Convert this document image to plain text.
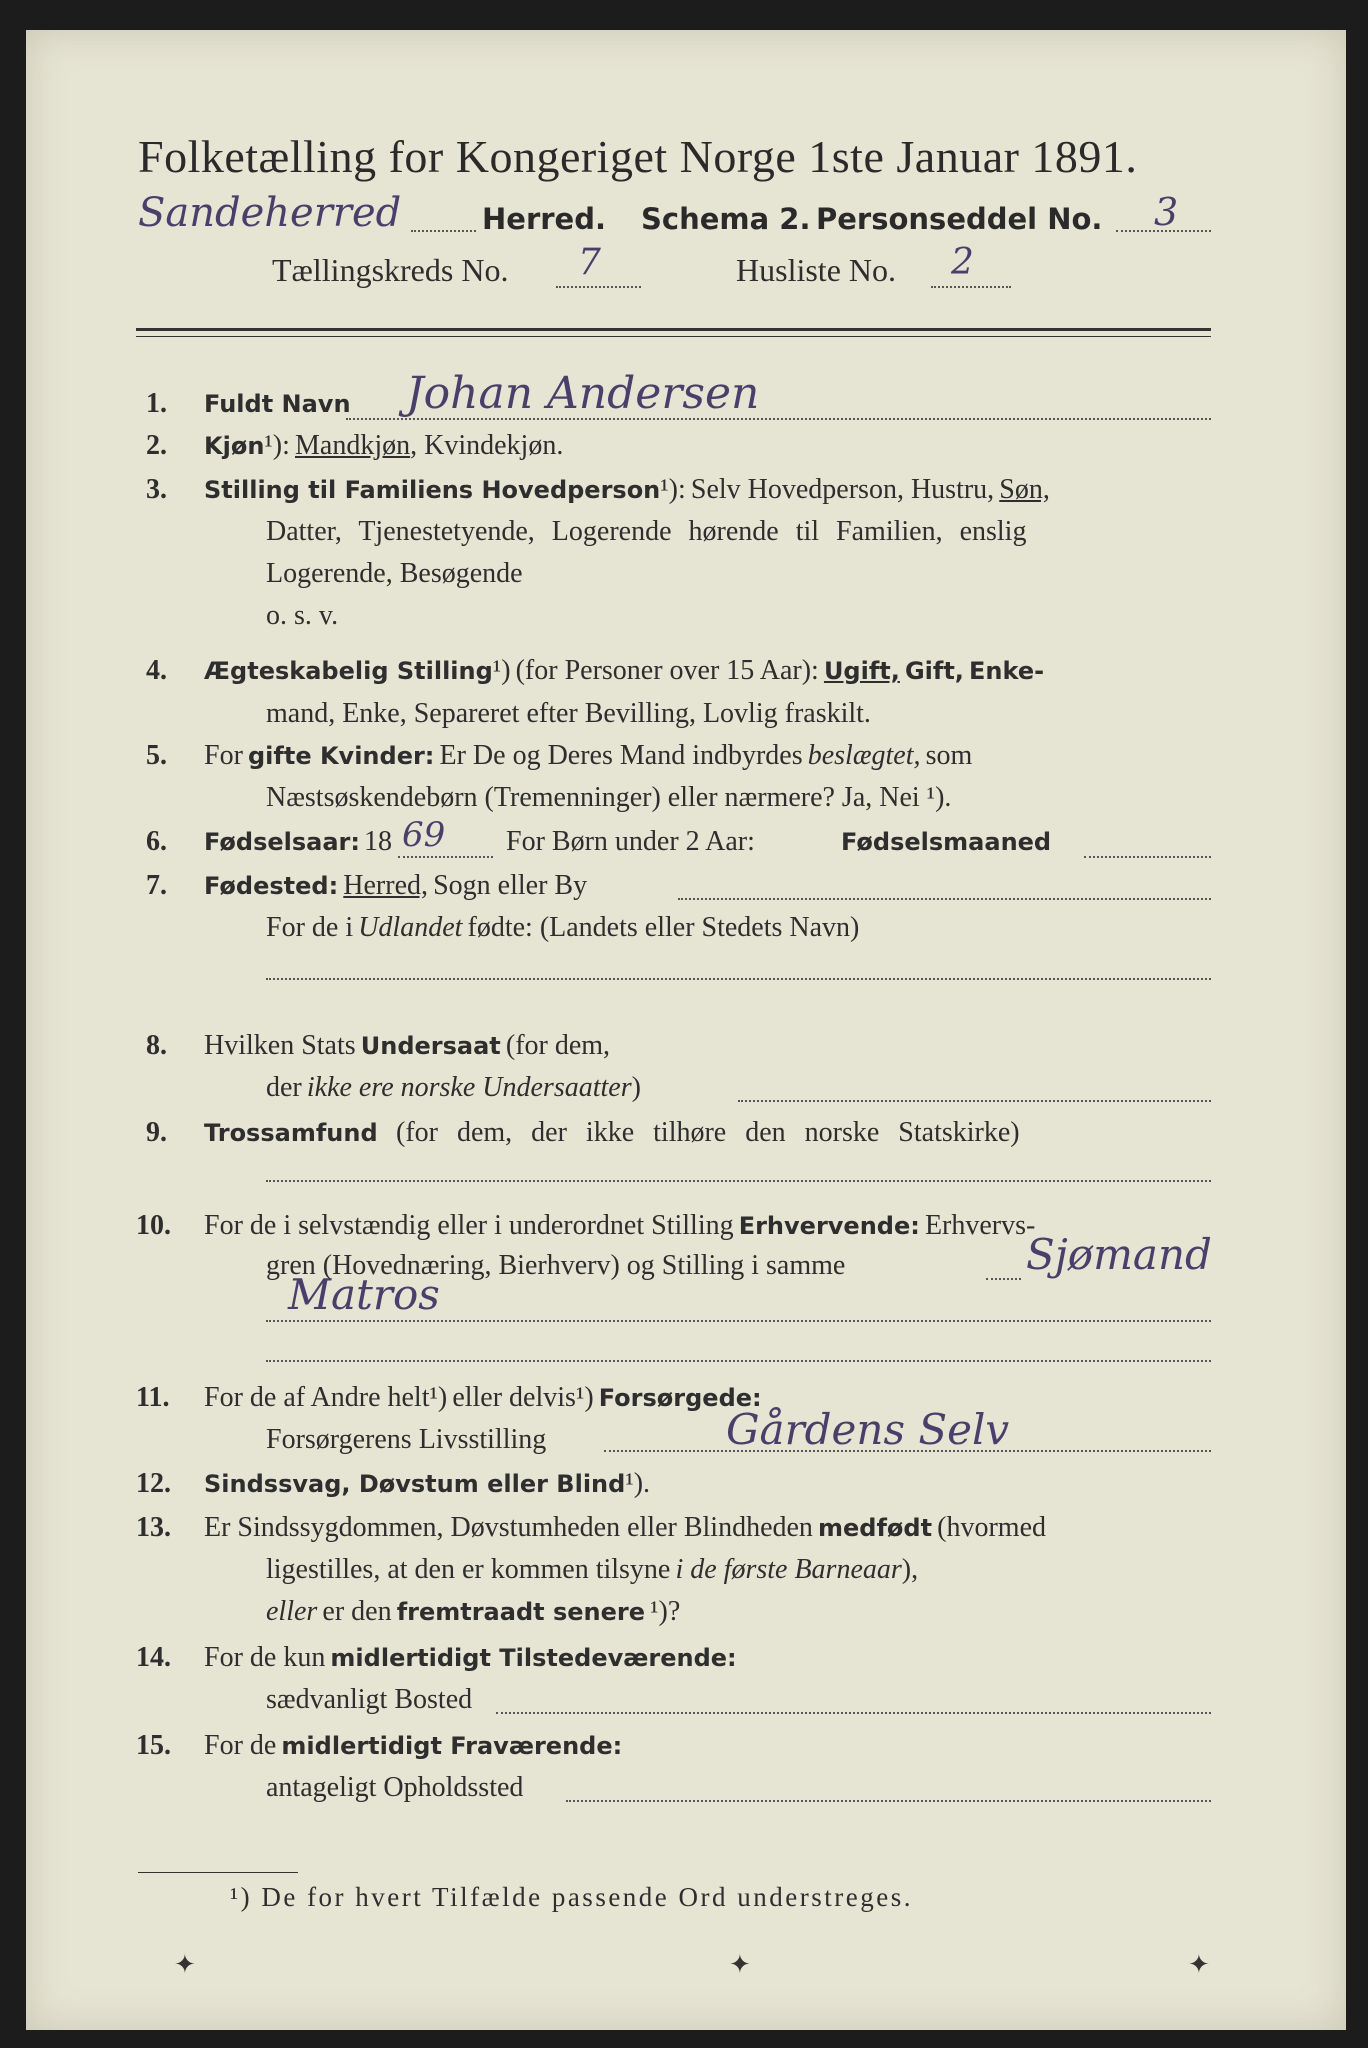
Folketælling for Kongeriget Norge 1ste Januar 1891.
Sandeherred	Herred. Schema 2. Personseddel No. 3
Tællingskreds No. 7	Husliste No. 2
1. Fuldt Navn Johan Andersen
2. Kjøn¹): Mandkjøn, Kvindekjøn.
3. Stilling til Familiens Hovedperson¹): Selv Hovedperson, Hustru, Søn,
Datter, Tjenestetyende, Logerende hørende til Familien, enslig
Logerende, Besøgende
o. s. v.
4. Ægteskabelig Stilling¹) (for Personer over 15 Aar): Ugift, Gift, Enke-
mand, Enke, Separeret efter Bevilling, Lovlig fraskilt.
5. For gifte Kvinder: Er De og Deres Mand indbyrdes beslægtet, som
Næstsøskendebørn (Tremenninger) eller nærmere? Ja, Nei ¹).
6. Fødselsaar: 18 69 For Børn under 2 Aar:	Fødselsmaaned
7. Fødested: Herred, Sogn eller By
For de i Udlandet fødte: (Landets eller Stedets Navn)
8. Hvilken Stats Undersaat (for dem,
der ikke ere norske Undersaatter)
9. Trossamfund (for dem, der ikke tilhøre den norske Statskirke)
10. For de i selvstændig eller i underordnet Stilling Erhvervende: Erhvervs-
gren (Hovednæring, Bierhverv) og Stilling i samme	Sjømand
Matros
11. For de af Andre helt¹) eller delvis¹) Forsørgede:
Forsørgerens Livsstilling	Gårdens Selv
12. Sindssvag, Døvstum eller Blind¹).
13. Er Sindssygdommen, Døvstumheden eller Blindheden medfødt (hvormed
ligestilles, at den er kommen tilsyne i de første Barneaar),
eller er den fremtraadt senere ¹)?
14. For de kun midlertidigt Tilstedeværende:
sædvanligt Bosted
15. For de midlertidigt Fraværende:
antageligt Opholdssted
¹) De for hvert Tilfælde passende Ord understreges.
✦	✦	✦
